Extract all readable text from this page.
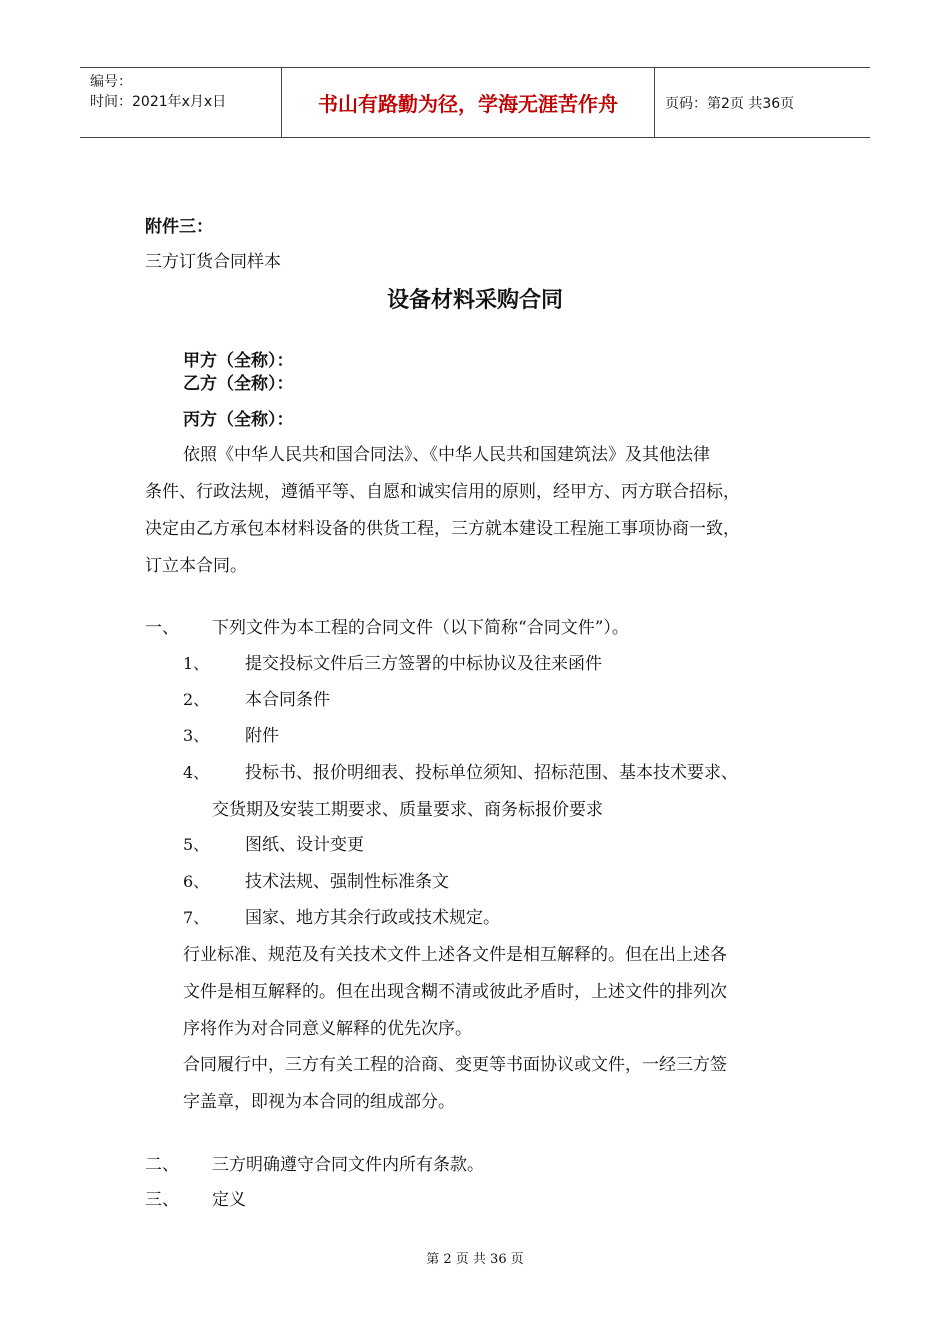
编号：
时间：2021年x月x日	书山有路勤为径，学海无涯苦作舟	页码：第2页 共36页
附件三：
三方订货合同样本
设备材料采购合同
甲方（全称）：
乙方（全称）：
丙方（全称）：
依照《中华人民共和国合同法》、《中华人民共和国建筑法》及其他法律
条件、行政法规，遵循平等、自愿和诚实信用的原则，经甲方、丙方联合招标，
决定由乙方承包本材料设备的供货工程，三方就本建设工程施工事项协商一致，
订立本合同。
一、 下列文件为本工程的合同文件（以下简称“合同文件”）。
1、 提交投标文件后三方签署的中标协议及往来函件
2、 本合同条件
3、 附件
4、 投标书、报价明细表、投标单位须知、招标范围、基本技术要求、
交货期及安装工期要求、质量要求、商务标报价要求
5、 图纸、设计变更
6、 技术法规、强制性标准条文
7、 国家、地方其余行政或技术规定。
行业标准、规范及有关技术文件上述各文件是相互解释的。但在出上述各
文件是相互解释的。但在出现含糊不清或彼此矛盾时，上述文件的排列次
序将作为对合同意义解释的优先次序。
合同履行中，三方有关工程的洽商、变更等书面协议或文件，一经三方签
字盖章，即视为本合同的组成部分。
二、 三方明确遵守合同文件内所有条款。
三、 定义
第 2 页 共 36 页
